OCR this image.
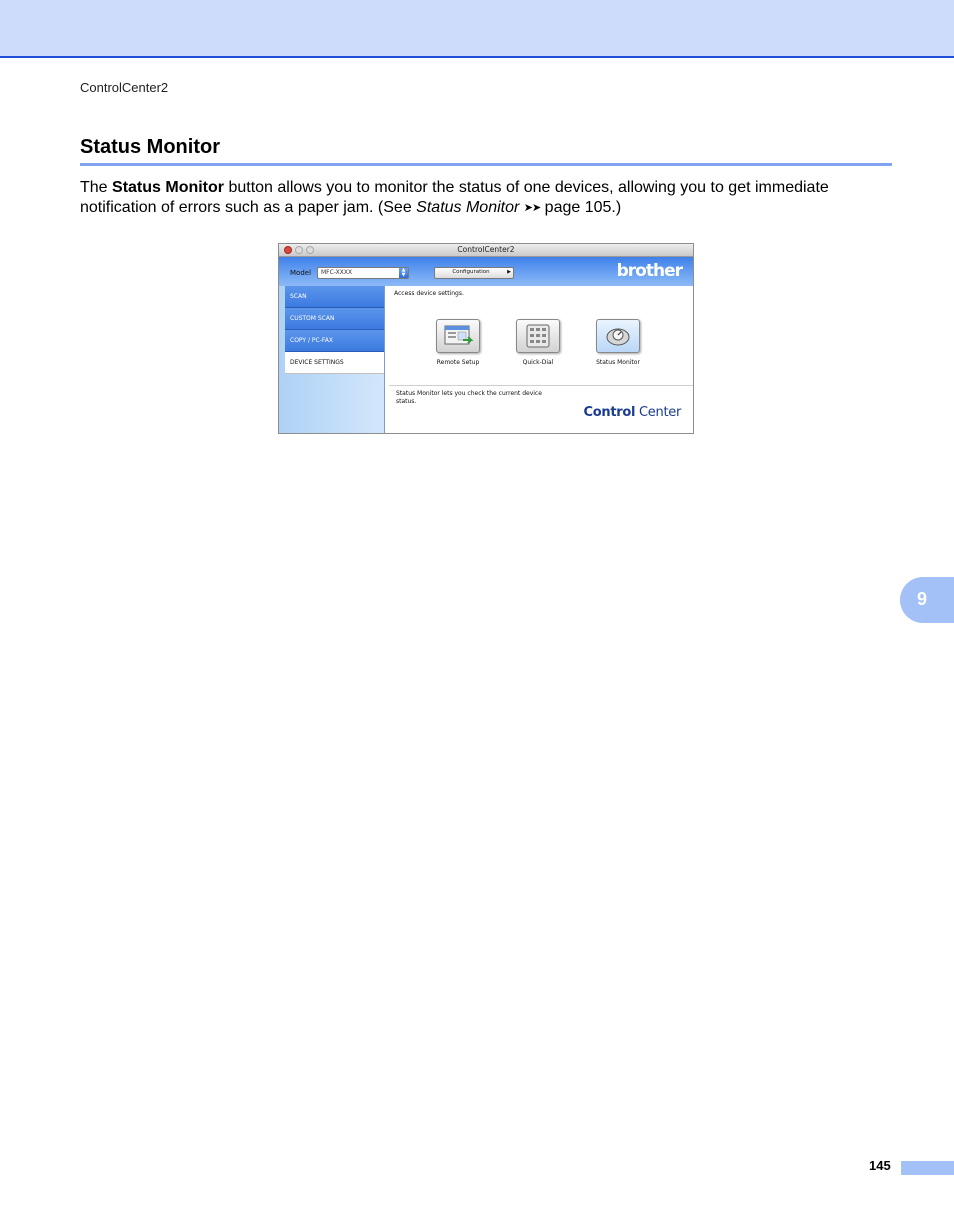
ControlCenter2
Status Monitor

The Status Monitor button allows you to monitor the status of one devices, allowing you to get immediate notification of errors such as a paper jam. (See Status Monitor ➤➤ page 105.)

ControlCenter2
Model MFC-XXXX	▲
▼	Configuration	▶	brother
SCAN
CUSTOM SCAN
COPY / PC-FAX
DEVICE SETTINGS
Access device settings.
Remote Setup	Quick-Dial	Status Monitor
Status Monitor lets you check the current device status.
Control Center
9
145
